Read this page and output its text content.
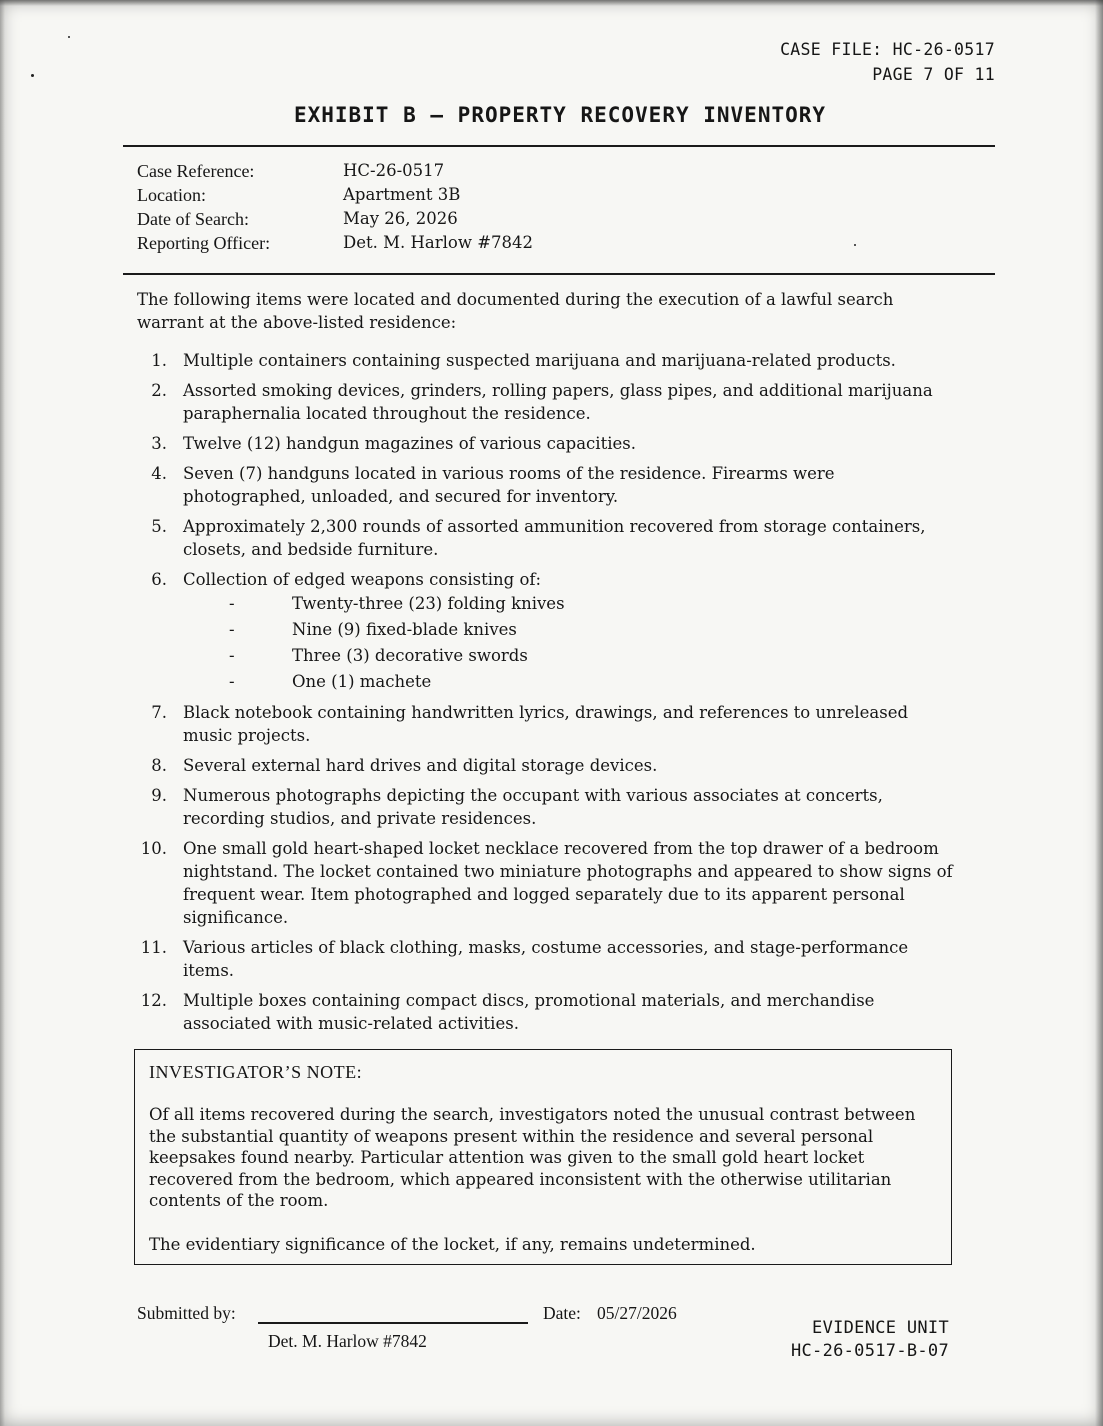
CASE FILE: HC-26-0517
PAGE 7 OF 11
EXHIBIT B – PROPERTY RECOVERY INVENTORY
Case Reference:	HC-26-0517
Location:	Apartment 3B
Date of Search:	May 26, 2026
Reporting Officer:	Det. M. Harlow #7842
The following items were located and documented during the execution of a lawful search warrant at the above-listed residence:
1. Multiple containers containing suspected marijuana and marijuana-related products.
2. Assorted smoking devices, grinders, rolling papers, glass pipes, and additional marijuana paraphernalia located throughout the residence.
3. Twelve (12) handgun magazines of various capacities.
4. Seven (7) handguns located in various rooms of the residence. Firearms were photographed, unloaded, and secured for inventory.
5. Approximately 2,300 rounds of assorted ammunition recovered from storage containers, closets, and bedside furniture.
6. Collection of edged weapons consisting of:
-	Twenty-three (23) folding knives
-	Nine (9) fixed-blade knives
-	Three (3) decorative swords
-	One (1) machete
7. Black notebook containing handwritten lyrics, drawings, and references to unreleased music projects.
8. Several external hard drives and digital storage devices.
9. Numerous photographs depicting the occupant with various associates at concerts, recording studios, and private residences.
10. One small gold heart-shaped locket necklace recovered from the top drawer of a bedroom nightstand. The locket contained two miniature photographs and appeared to show signs of frequent wear. Item photographed and logged separately due to its apparent personal significance.
11. Various articles of black clothing, masks, costume accessories, and stage-performance items.
12. Multiple boxes containing compact discs, promotional materials, and merchandise associated with music-related activities.
INVESTIGATOR’S NOTE:
Of all items recovered during the search, investigators noted the unusual contrast between the substantial quantity of weapons present within the residence and several personal keepsakes found nearby. Particular attention was given to the small gold heart locket recovered from the bedroom, which appeared inconsistent with the otherwise utilitarian contents of the room.
The evidentiary significance of the locket, if any, remains undetermined.
Submitted by:
Det. M. Harlow #7842
Date: 05/27/2026
EVIDENCE UNIT
HC-26-0517-B-07
